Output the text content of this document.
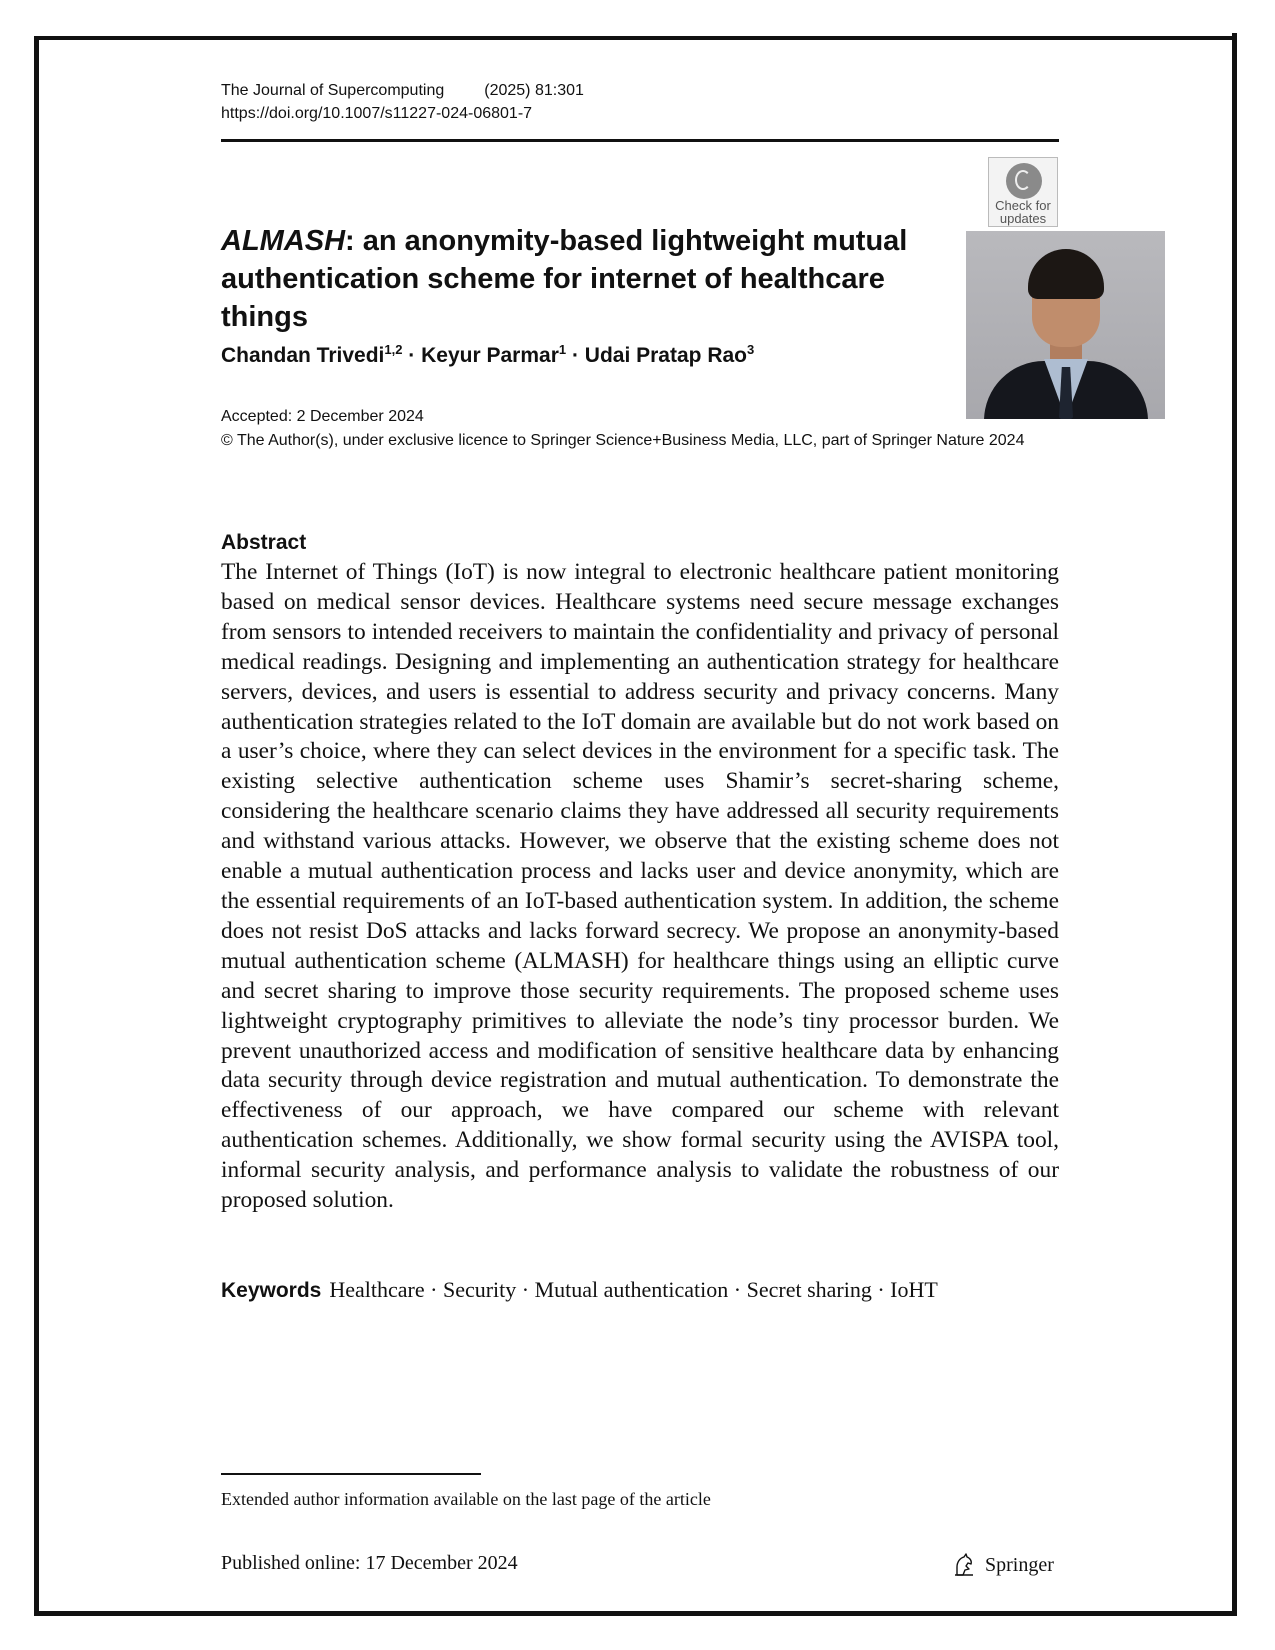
The Journal of Supercomputing	(2025) 81:301
https://doi.org/10.1007/s11227-024-06801-7
Check for
updates
ALMASH: an anonymity-based lightweight mutual
authentication scheme for internet of healthcare things
Chandan Trivedi$^{1,2}$ · Keyur Parmar$^1$ · Udai Pratap Rao$^3$
Accepted: 2 December 2024
© The Author(s), under exclusive licence to Springer Science+Business Media, LLC, part of Springer Nature 2024
Abstract
The Internet of Things (IoT) is now integral to electronic healthcare patient monitoring based on medical sensor devices. Healthcare systems need secure message exchanges from sensors to intended receivers to maintain the confidentiality and privacy of personal medical readings. Designing and implementing an authentication strategy for healthcare servers, devices, and users is essential to address security and privacy concerns. Many authentication strategies related to the IoT domain are available but do not work based on a user’s choice, where they can select devices in the environment for a specific task. The existing selective authentication scheme uses Shamir’s secret-sharing scheme, considering the healthcare scenario claims they have addressed all security requirements and withstand various attacks. However, we observe that the existing scheme does not enable a mutual authentication process and lacks user and device anonymity, which are the essential requirements of an IoT-based authentication system. In addition, the scheme does not resist DoS attacks and lacks forward secrecy. We propose an anonymity-based mutual authentication scheme (ALMASH) for healthcare things using an elliptic curve and secret sharing to improve those security requirements. The proposed scheme uses lightweight cryptography primitives to alleviate the node’s tiny processor burden. We prevent unauthorized access and modification of sensitive healthcare data by enhancing data security through device registration and mutual authentication. To demonstrate the effectiveness of our approach, we have compared our scheme with relevant authentication schemes. Additionally, we show formal security using the AVISPA tool, informal security analysis, and performance analysis to validate the robustness of our proposed solution.
Keywords Healthcare · Security · Mutual authentication · Secret sharing · IoHT
Extended author information available on the last page of the article
Published online: 17 December 2024	Springer
